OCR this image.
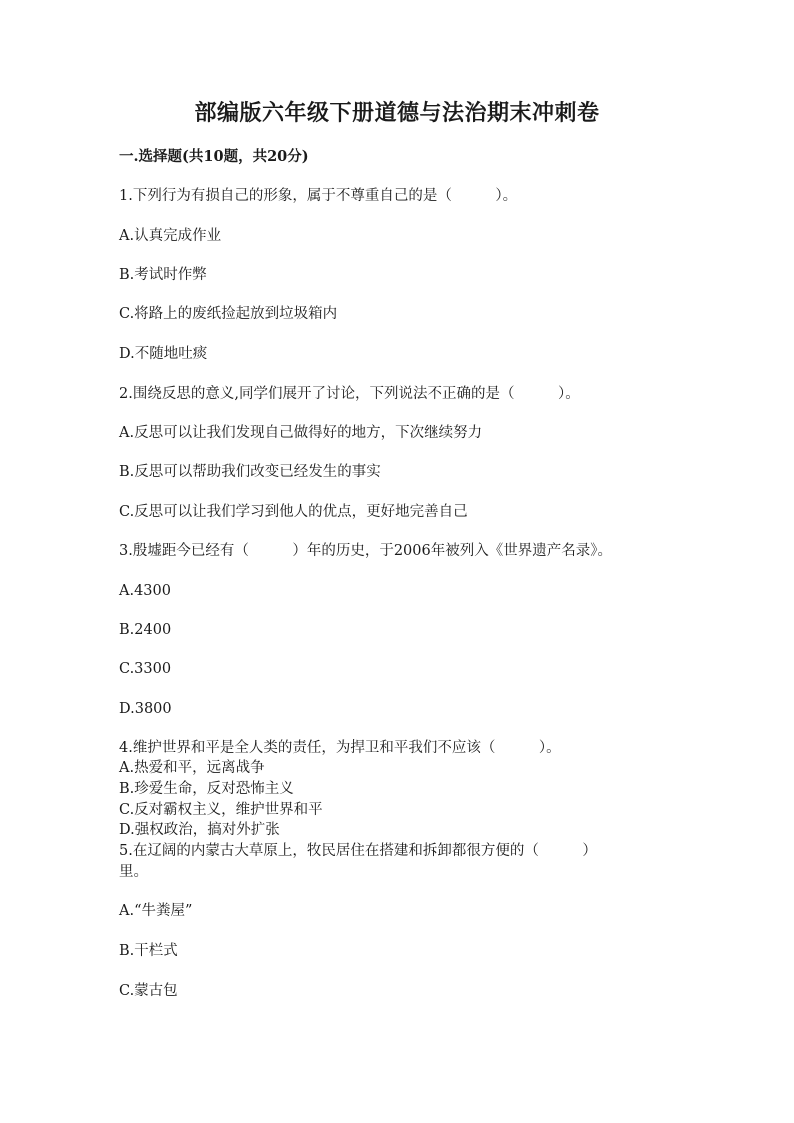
部编版六年级下册道德与法治期末冲刺卷
一.选择题(共10题，共20分)
1.下列行为有损自己的形象，属于不尊重自己的是（　　　）。
A.认真完成作业
B.考试时作弊
C.将路上的废纸捡起放到垃圾箱内
D.不随地吐痰
2.围绕反思的意义,同学们展开了讨论，下列说法不正确的是（　　　）。
A.反思可以让我们发现自己做得好的地方，下次继续努力
B.反思可以帮助我们改变已经发生的事实
C.反思可以让我们学习到他人的优点，更好地完善自己
3.殷墟距今已经有（　　　）年的历史，于2006年被列入《世界遗产名录》。
A.4300
B.2400
C.3300
D.3800
4.维护世界和平是全人类的责任，为捍卫和平我们不应该（　　　）。
A.热爱和平，远离战争
B.珍爱生命，反对恐怖主义
C.反对霸权主义，维护世界和平
D.强权政治，搞对外扩张
5.在辽阔的内蒙古大草原上，牧民居住在搭建和拆卸都很方便的（　　　）
里。
A.“牛粪屋”
B.干栏式
C.蒙古包
